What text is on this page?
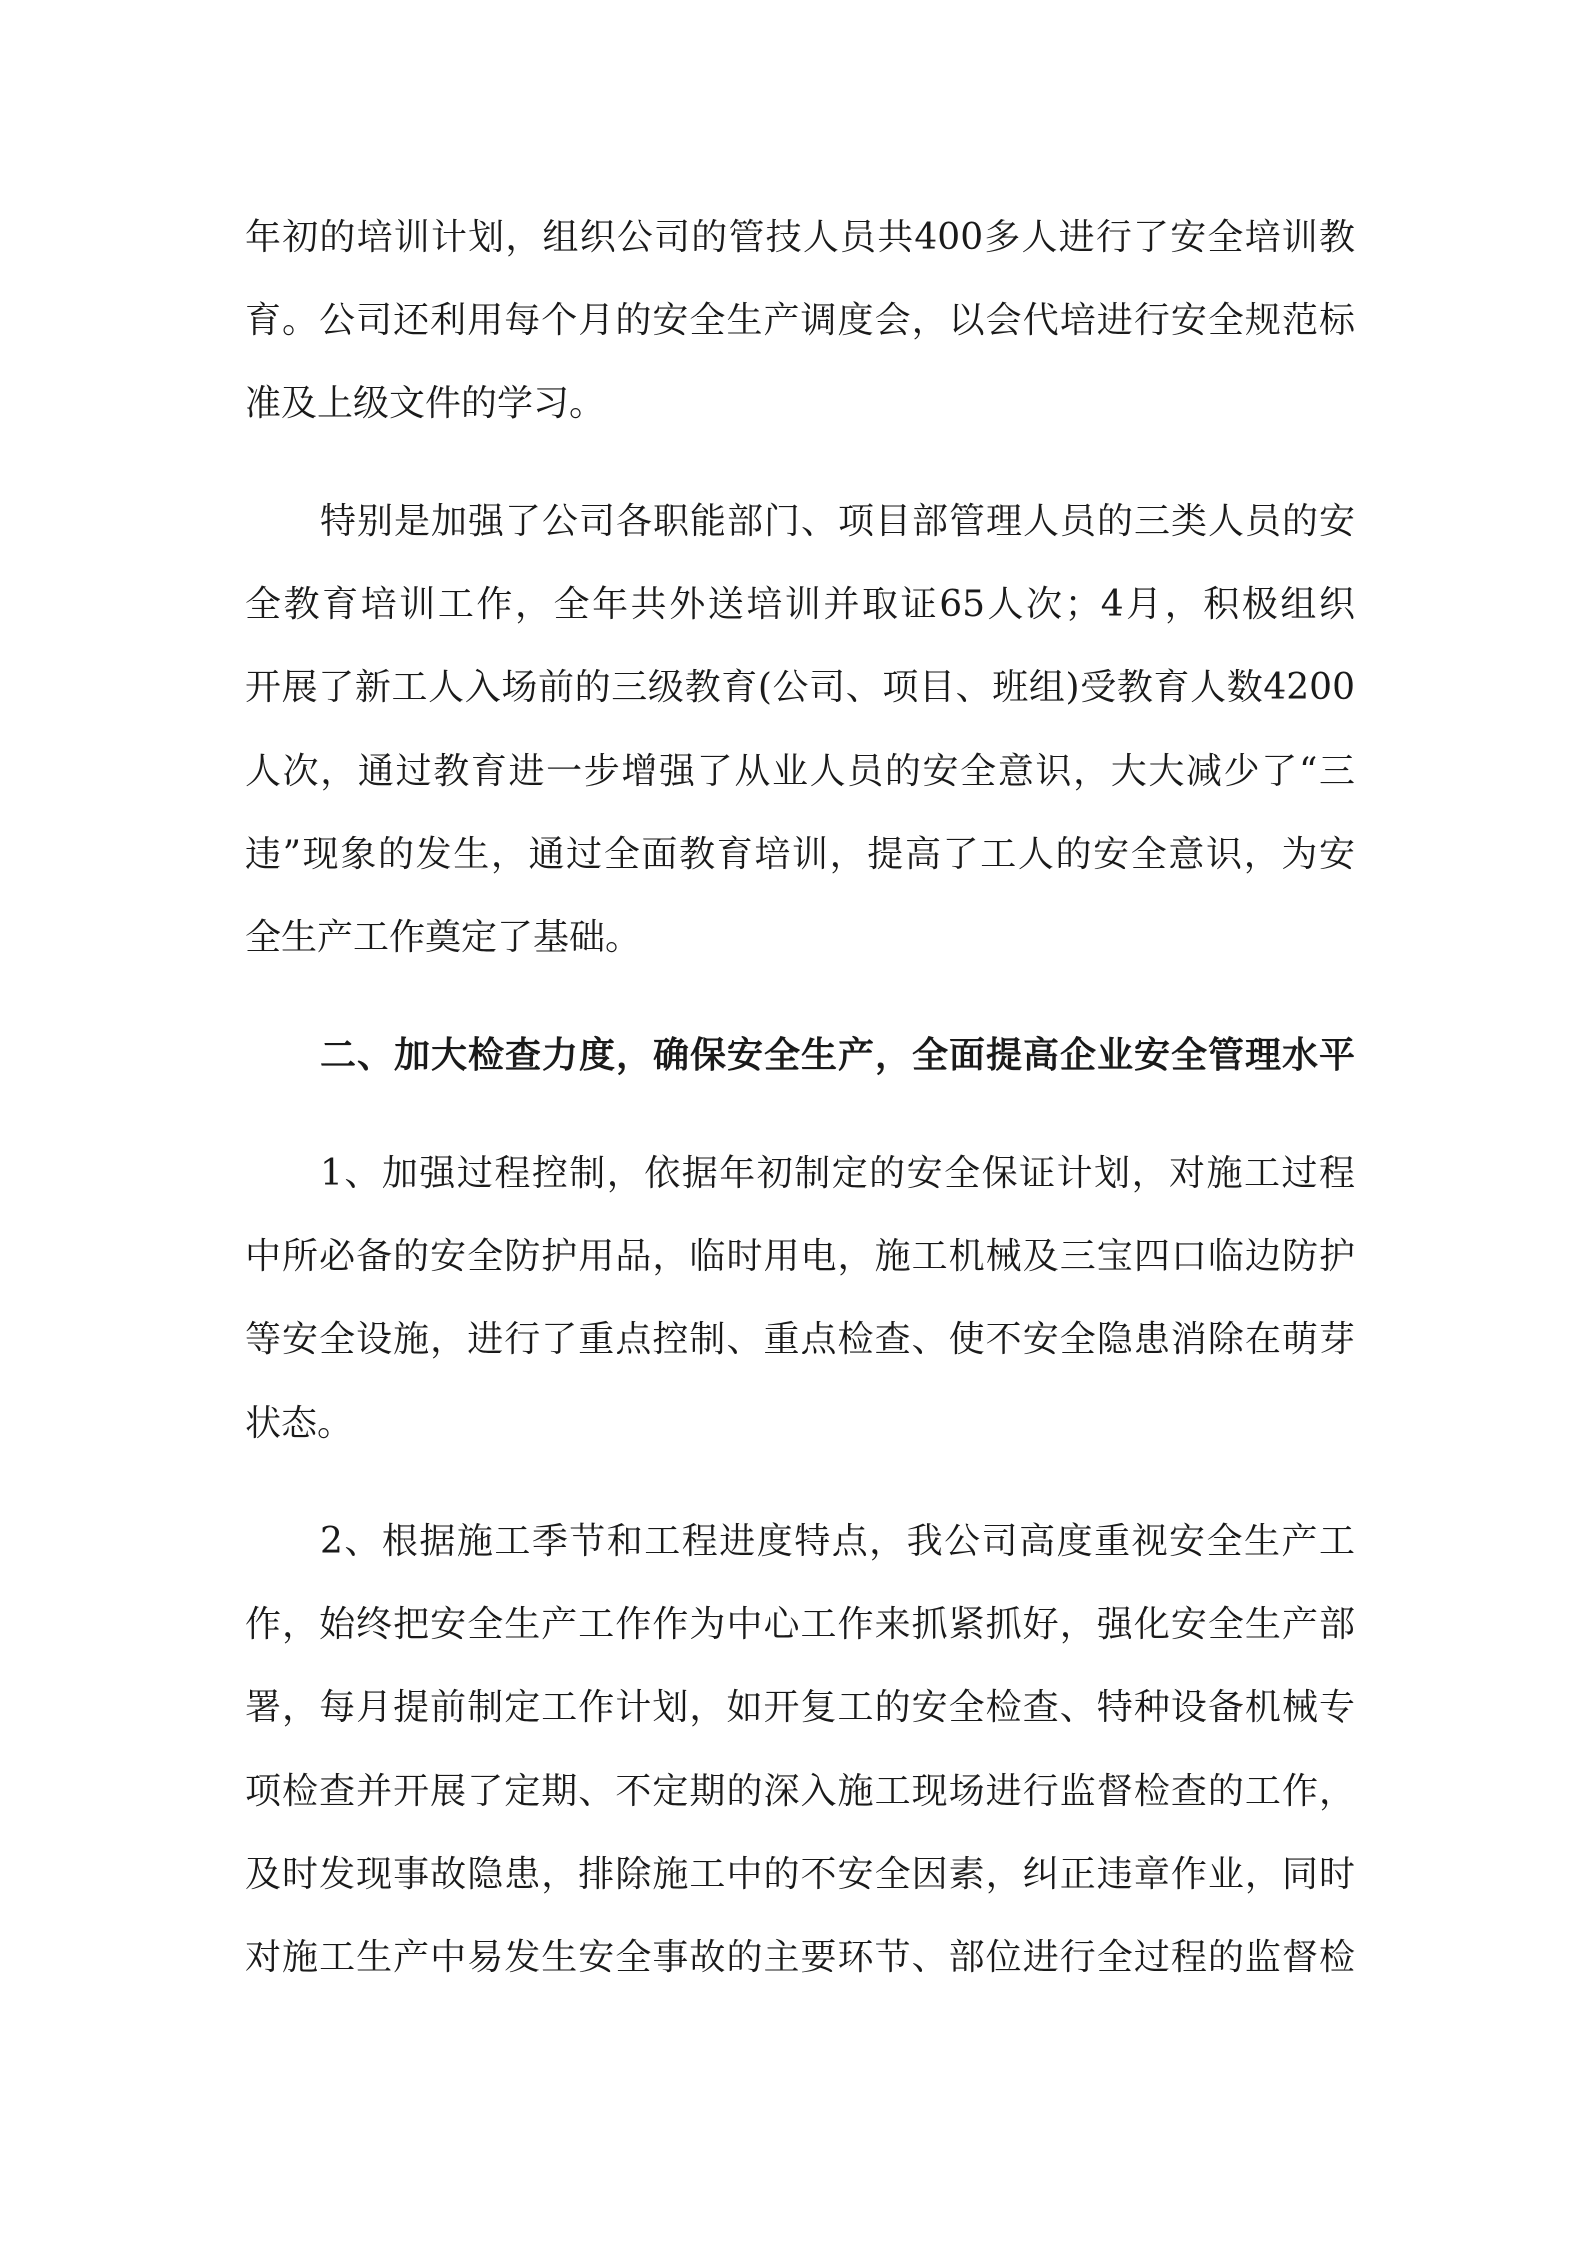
年初的培训计划，组织公司的管技人员共400多人进行了安全培训教
育。公司还利用每个月的安全生产调度会，以会代培进行安全规范标
准及上级文件的学习。
特别是加强了公司各职能部门、项目部管理人员的三类人员的安
全教育培训工作，全年共外送培训并取证65人次；4月，积极组织
开展了新工人入场前的三级教育(公司、项目、班组)受教育人数4200
人次，通过教育进一步增强了从业人员的安全意识，大大减少了“三
违”现象的发生，通过全面教育培训，提高了工人的安全意识，为安
全生产工作奠定了基础。
二、加大检查力度，确保安全生产，全面提高企业安全管理水平
1、加强过程控制，依据年初制定的安全保证计划，对施工过程
中所必备的安全防护用品，临时用电，施工机械及三宝四口临边防护
等安全设施，进行了重点控制、重点检查、使不安全隐患消除在萌芽
状态。
2、根据施工季节和工程进度特点，我公司高度重视安全生产工
作，始终把安全生产工作作为中心工作来抓紧抓好，强化安全生产部
署，每月提前制定工作计划，如开复工的安全检查、特种设备机械专
项检查并开展了定期、不定期的深入施工现场进行监督检查的工作，
及时发现事故隐患，排除施工中的不安全因素，纠正违章作业，同时
对施工生产中易发生安全事故的主要环节、部位进行全过程的监督检
